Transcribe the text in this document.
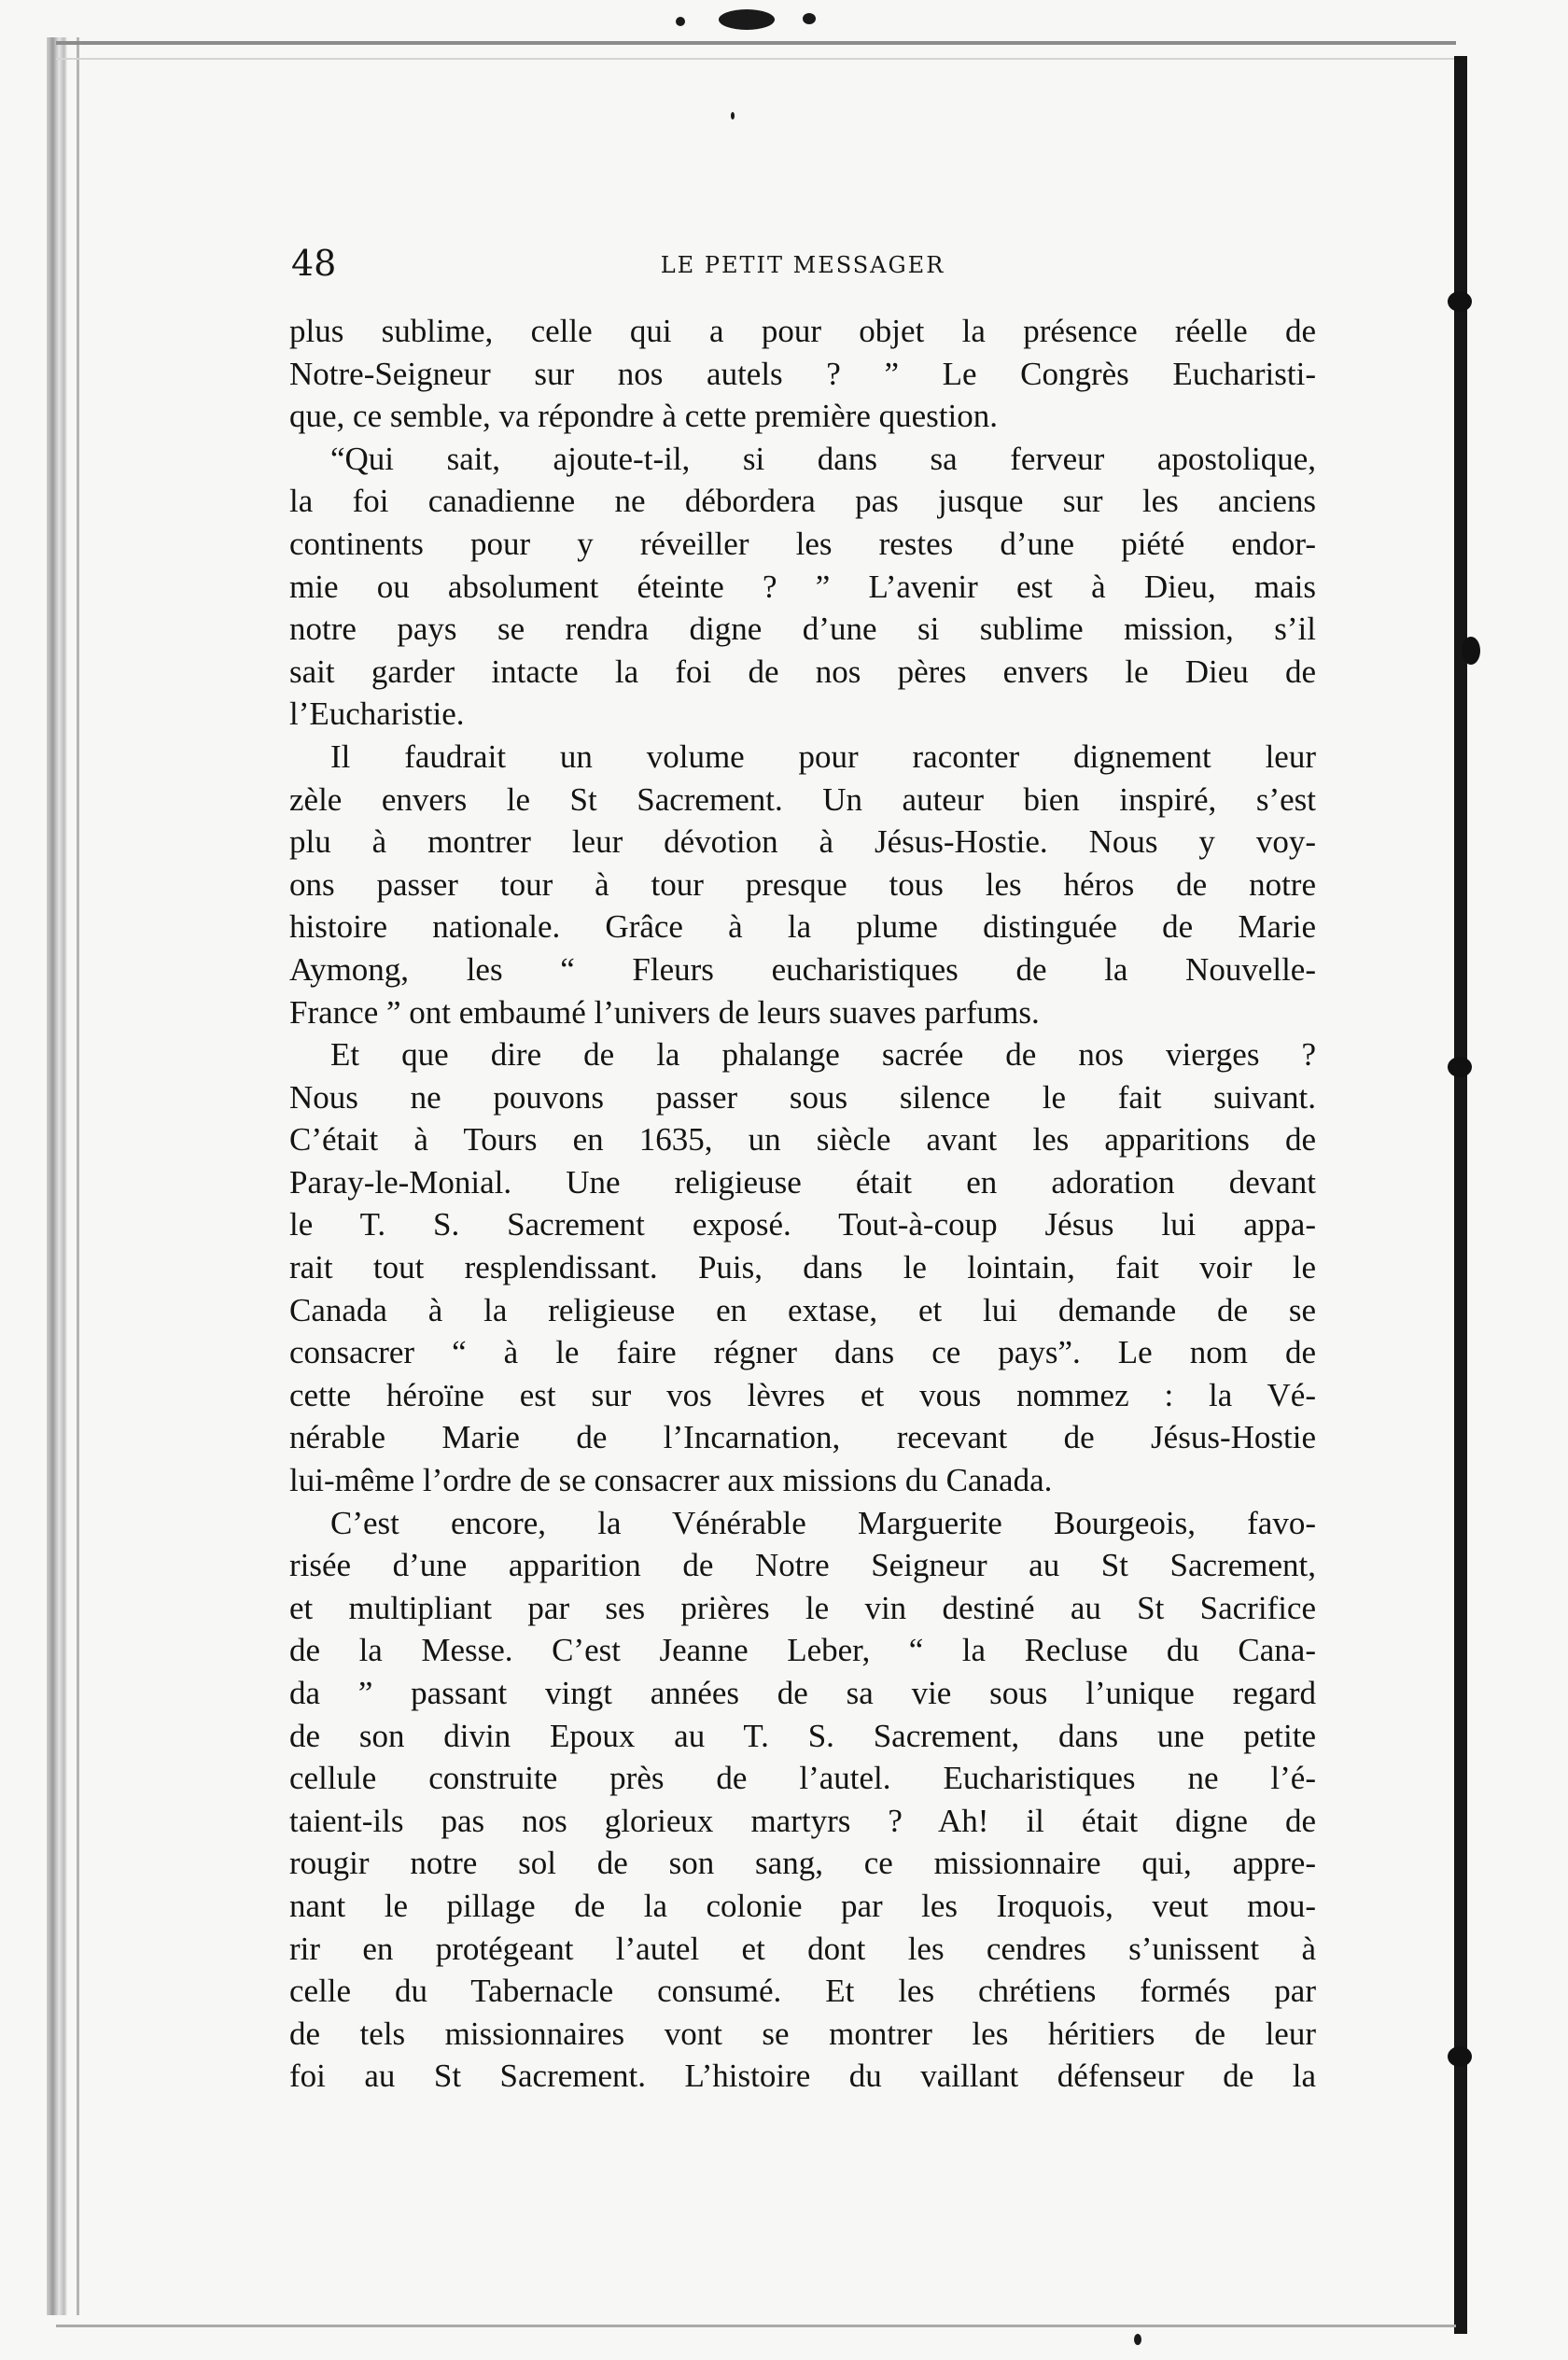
48	LE PETIT MESSAGER
plus sublime, celle qui a pour objet la présence réelle de
Notre-Seigneur sur nos autels ? ” Le Congrès Eucharisti-
que, ce semble, va répondre à cette première question.
“Qui sait, ajoute-t-il, si dans sa ferveur apostolique,
la foi canadienne ne débordera pas jusque sur les anciens
continents pour y réveiller les restes d’une piété endor-
mie ou absolument éteinte ? ” L’avenir est à Dieu, mais
notre pays se rendra digne d’une si sublime mission, s’il
sait garder intacte la foi de nos pères envers le Dieu de
l’Eucharistie.
Il faudrait un volume pour raconter dignement leur
zèle envers le St Sacrement. Un auteur bien inspiré, s’est
plu à montrer leur dévotion à Jésus-Hostie. Nous y voy-
ons passer tour à tour presque tous les héros de notre
histoire nationale. Grâce à la plume distinguée de Marie
Aymong, les “ Fleurs eucharistiques de la Nouvelle-
France ” ont embaumé l’univers de leurs suaves parfums.
Et que dire de la phalange sacrée de nos vierges ?
Nous ne pouvons passer sous silence le fait suivant.
C’était à Tours en 1635, un siècle avant les apparitions de
Paray-le-Monial. Une religieuse était en adoration devant
le T. S. Sacrement exposé. Tout-à-coup Jésus lui appa-
rait tout resplendissant. Puis, dans le lointain, fait voir le
Canada à la religieuse en extase, et lui demande de se
consacrer “ à le faire régner dans ce pays”. Le nom de
cette héroïne est sur vos lèvres et vous nommez : la Vé-
nérable Marie de l’Incarnation, recevant de Jésus-Hostie
lui-même l’ordre de se consacrer aux missions du Canada.
C’est encore, la Vénérable Marguerite Bourgeois, favo-
risée d’une apparition de Notre Seigneur au St Sacrement,
et multipliant par ses prières le vin destiné au St Sacrifice
de la Messe. C’est Jeanne Leber, “ la Recluse du Cana-
da ” passant vingt années de sa vie sous l’unique regard
de son divin Epoux au T. S. Sacrement, dans une petite
cellule construite près de l’autel. Eucharistiques ne l’é-
taient-ils pas nos glorieux martyrs ? Ah! il était digne de
rougir notre sol de son sang, ce missionnaire qui, appre-
nant le pillage de la colonie par les Iroquois, veut mou-
rir en protégeant l’autel et dont les cendres s’unissent à
celle du Tabernacle consumé. Et les chrétiens formés par
de tels missionnaires vont se montrer les héritiers de leur
foi au St Sacrement. L’histoire du vaillant défenseur de la
